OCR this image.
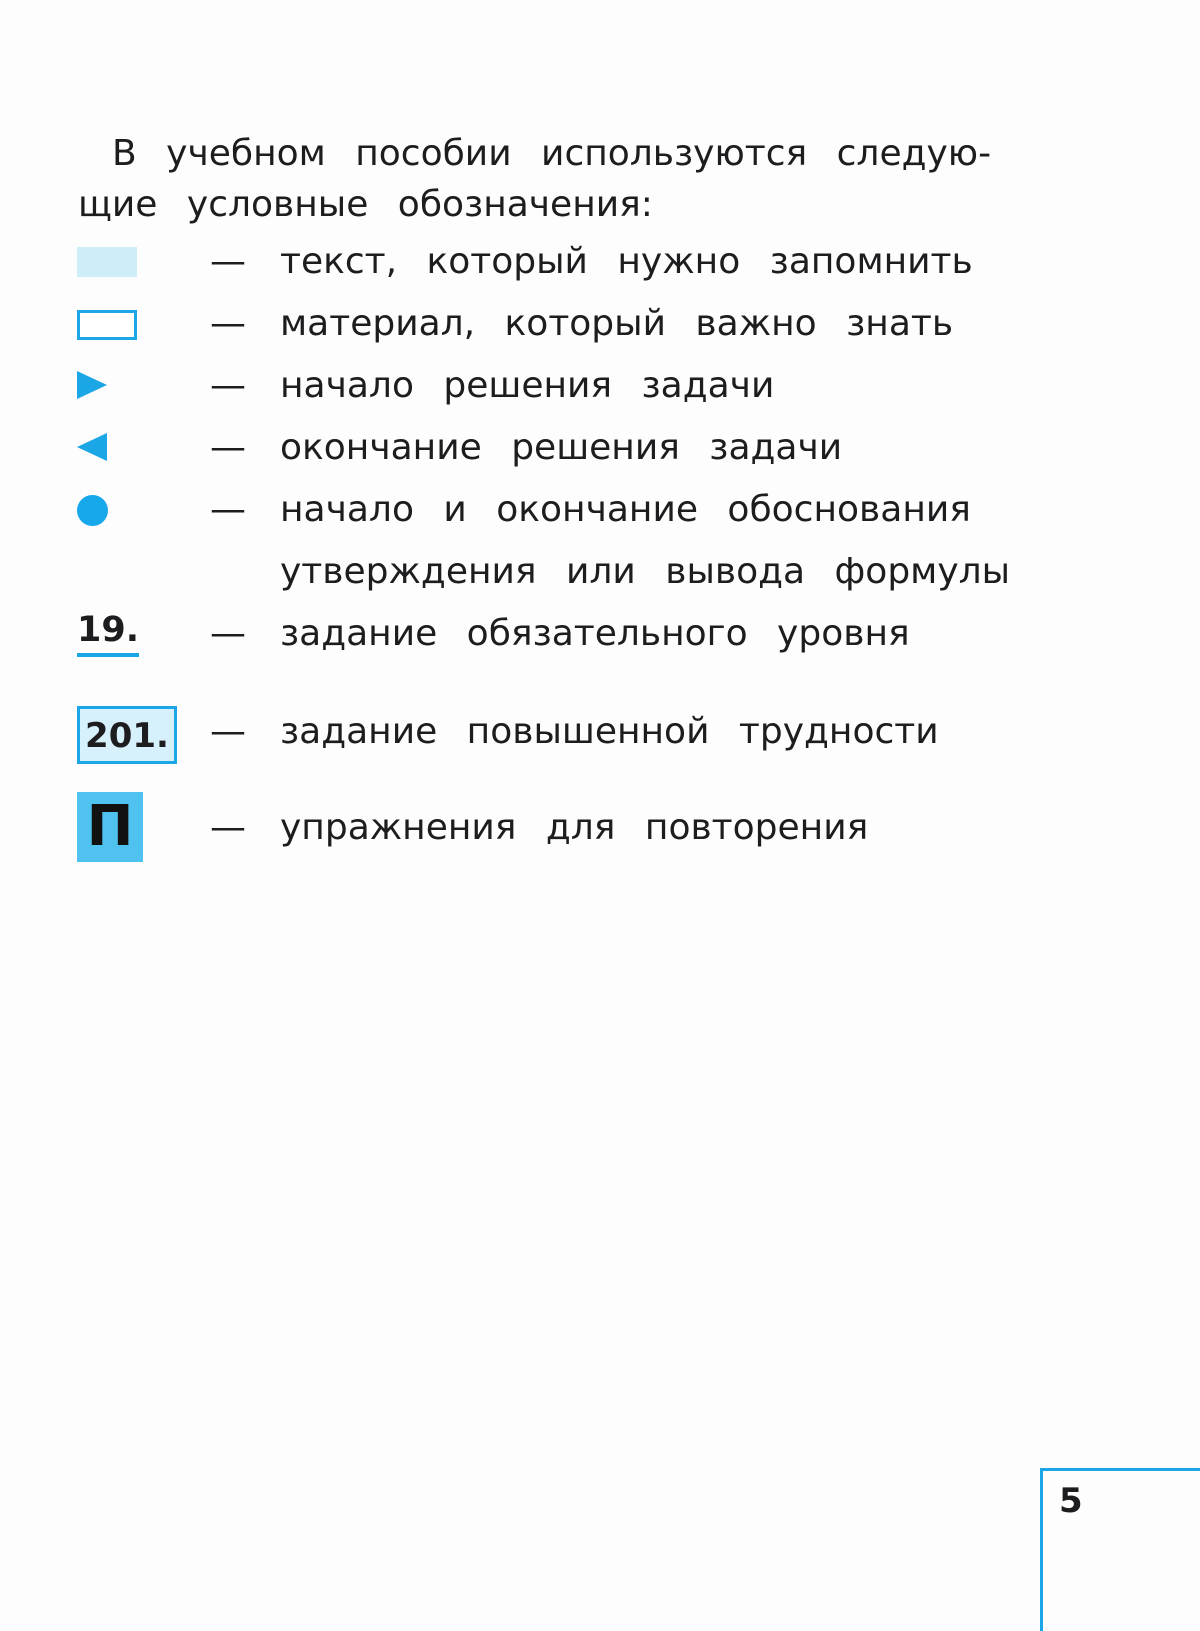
В учебном пособии используются следую-
щие условные обозначения:

— текст, который нужно запомнить
— материал, который важно знать
— начало решения задачи
— окончание решения задачи
— начало и окончание обоснования
утверждения или вывода формулы
19. — задание обязательного уровня
201. — задание повышенной трудности
П — упражнения для повторения
5
